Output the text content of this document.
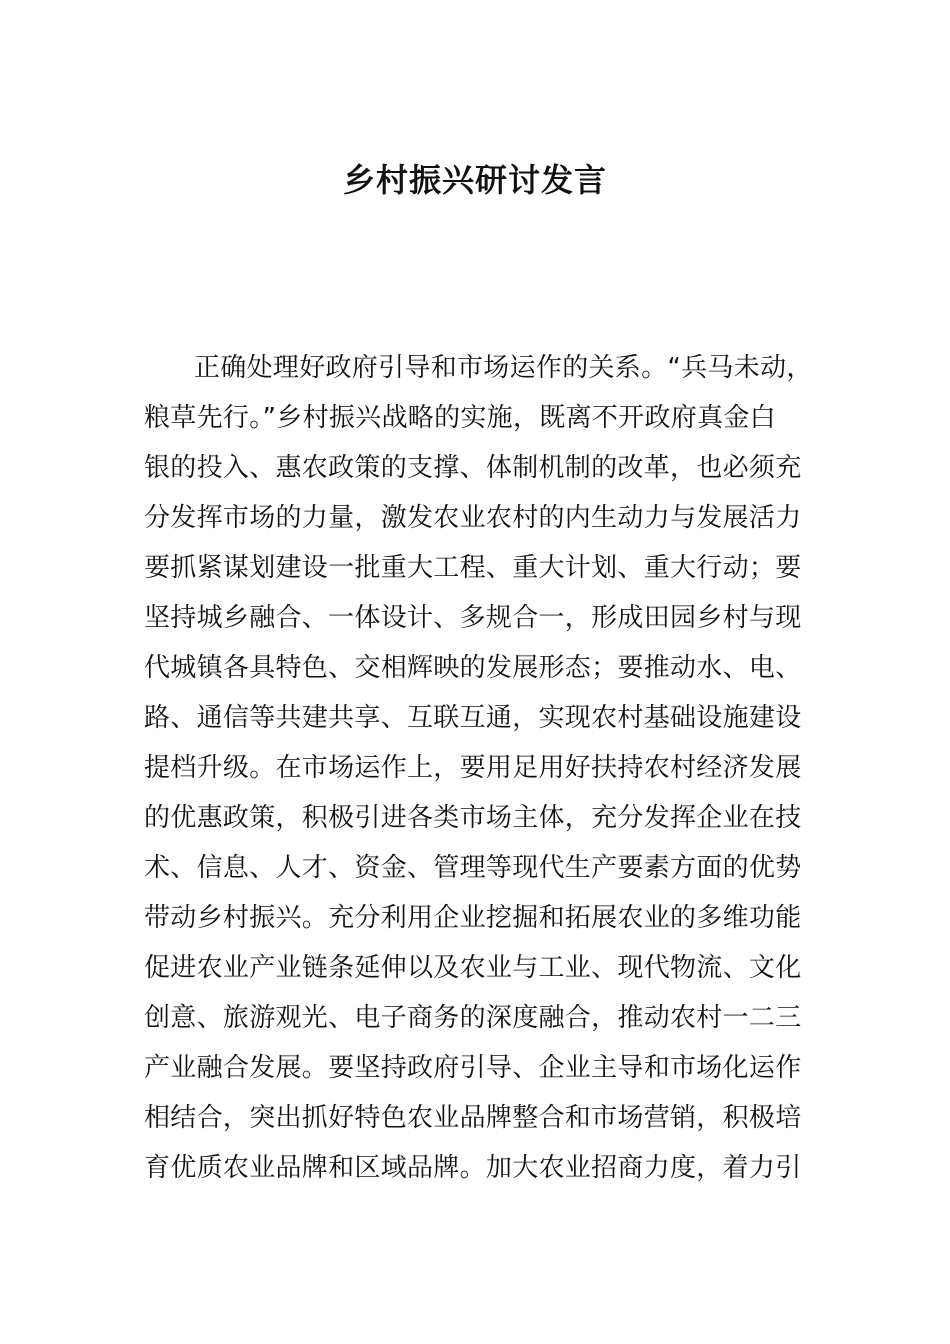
乡村振兴研讨发言
正确处理好政府引导和市场运作的关系。“兵马未动，
粮草先行。”乡村振兴战略的实施，既离不开政府真金白
银的投入、惠农政策的支撑、体制机制的改革，也必须充
分发挥市场的力量，激发农业农村的内生动力与发展活力
要抓紧谋划建设一批重大工程、重大计划、重大行动；要
坚持城乡融合、一体设计、多规合一，形成田园乡村与现
代城镇各具特色、交相辉映的发展形态；要推动水、电、
路、通信等共建共享、互联互通，实现农村基础设施建设
提档升级。在市场运作上，要用足用好扶持农村经济发展
的优惠政策，积极引进各类市场主体，充分发挥企业在技
术、信息、人才、资金、管理等现代生产要素方面的优势
带动乡村振兴。充分利用企业挖掘和拓展农业的多维功能
促进农业产业链条延伸以及农业与工业、现代物流、文化
创意、旅游观光、电子商务的深度融合，推动农村一二三
产业融合发展。要坚持政府引导、企业主导和市场化运作
相结合，突出抓好特色农业品牌整合和市场营销，积极培
育优质农业品牌和区域品牌。加大农业招商力度，着力引
